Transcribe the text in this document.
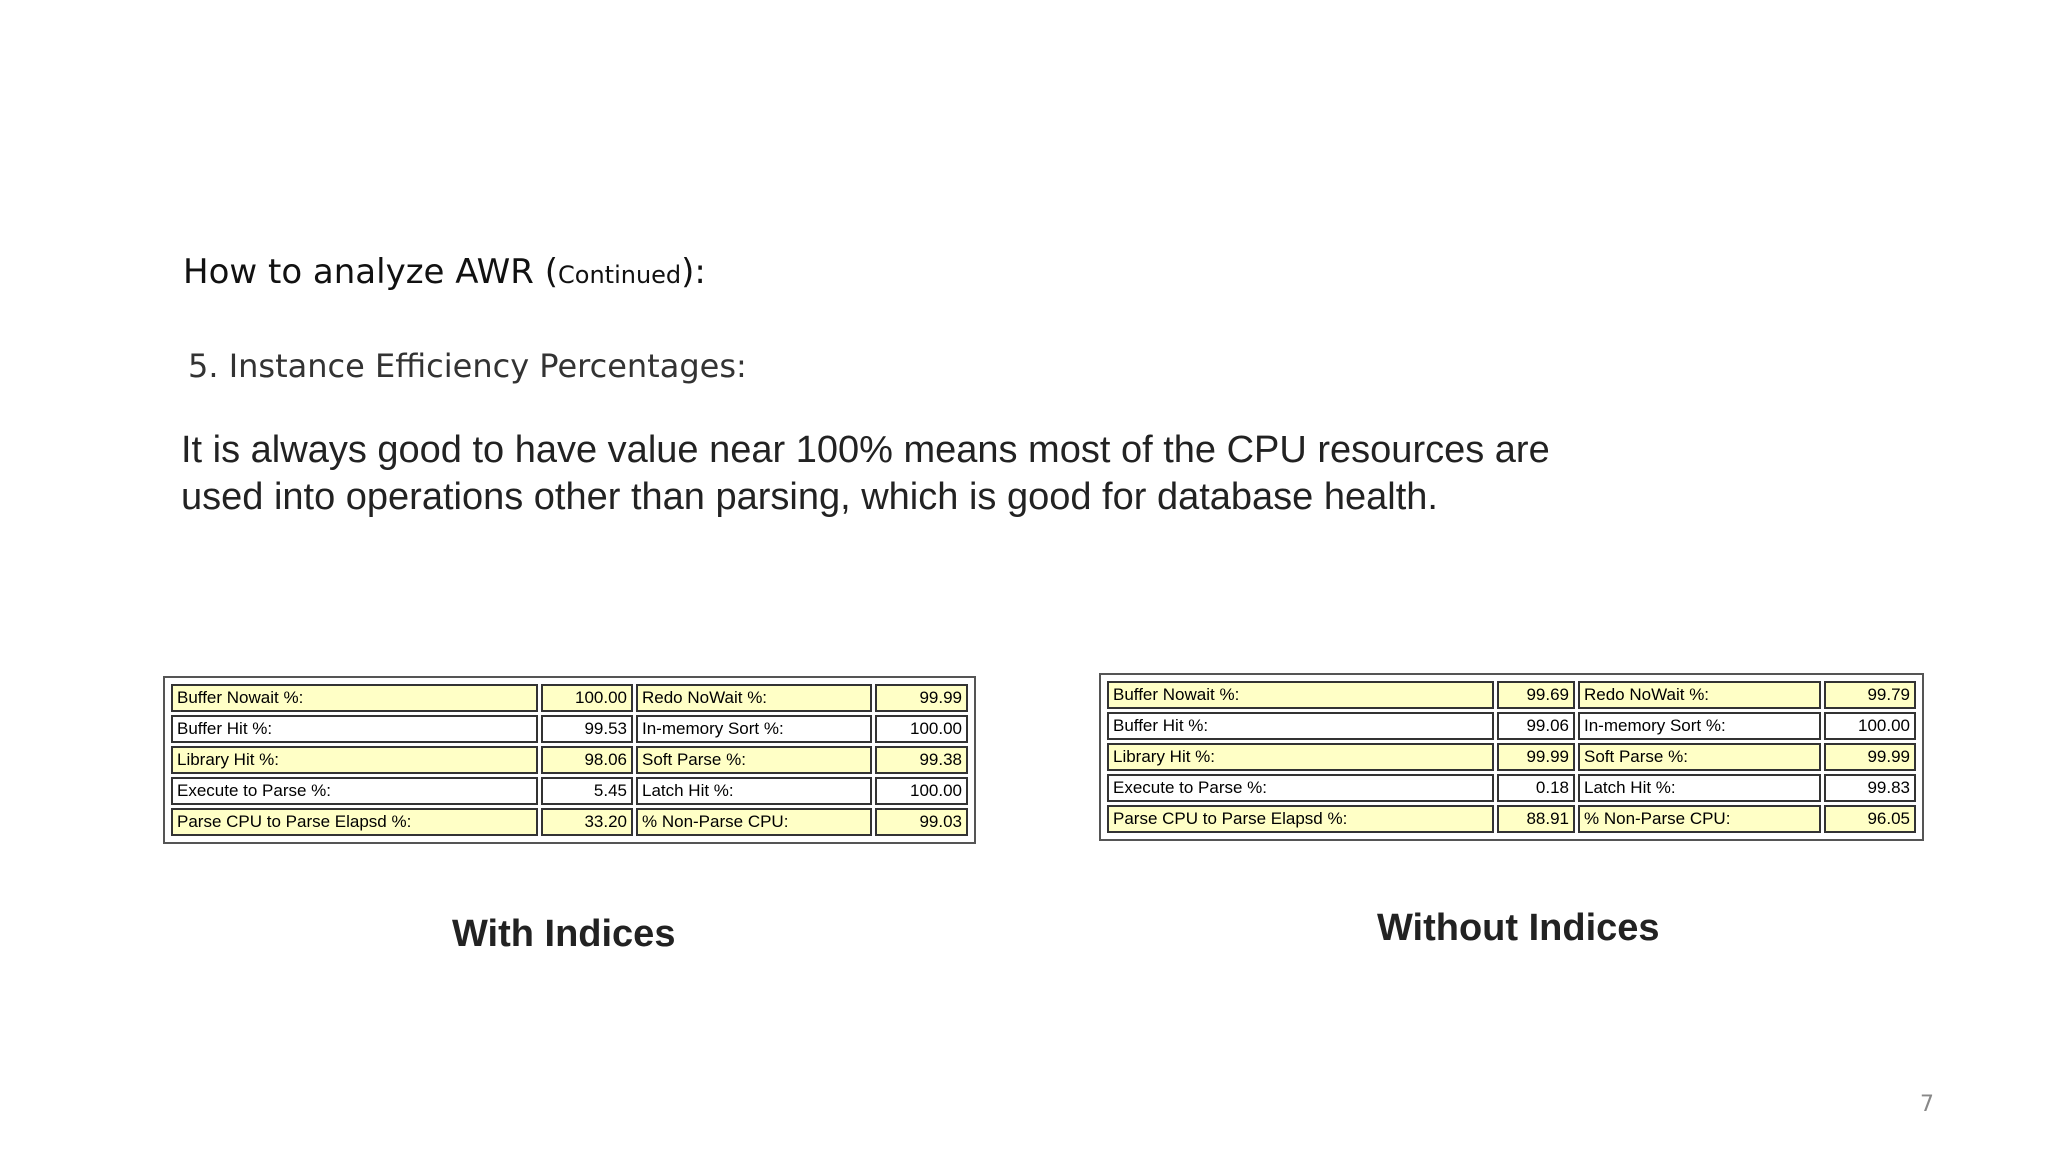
How to analyze AWR (Continued):
5. Instance Efficiency Percentages:
It is always good to have value near 100% means most of the CPU resources are
used into operations other than parsing, which is good for database health.
Buffer Nowait %:	100.00	Redo NoWait %:	99.99
Buffer Hit %:	99.53	In-memory Sort %:	100.00
Library Hit %:	98.06	Soft Parse %:	99.38
Execute to Parse %:	5.45	Latch Hit %:	100.00
Parse CPU to Parse Elapsd %:	33.20	% Non-Parse CPU:	99.03
Buffer Nowait %:	99.69	Redo NoWait %:	99.79
Buffer Hit %:	99.06	In-memory Sort %:	100.00
Library Hit %:	99.99	Soft Parse %:	99.99
Execute to Parse %:	0.18	Latch Hit %:	99.83
Parse CPU to Parse Elapsd %:	88.91	% Non-Parse CPU:	96.05
With Indices	Without Indices
7
